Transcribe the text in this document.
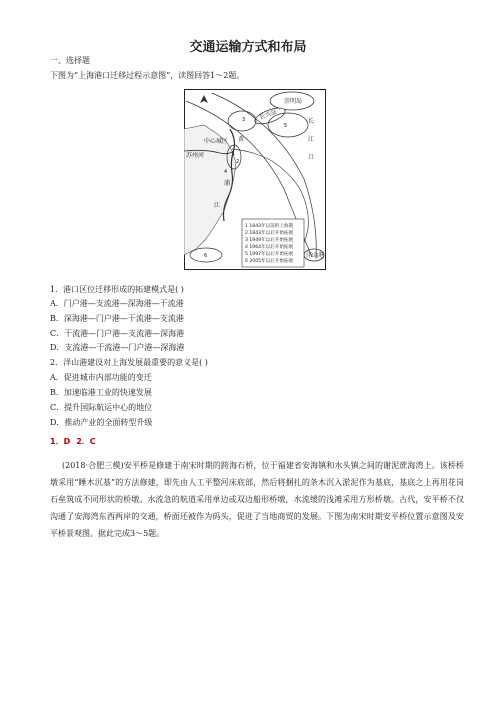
交通运输方式和布局
一、选择题
下图为“上海港口迁移过程示意图”，读图回答1～2题。
崇明岛
长兴岛
长
江
口
中心城区
苏州河
黄
浦
江
洋山港
1
2
3
4
5
6
1 1843年以前的上海港
2 1843年以后开始拓展
3 1949年以后开始拓展
4 1964年以后开始拓展
5 1997年以后开始拓展
6 2005年以后开始拓展
1．港口区位迁移形成的拓建模式是( )
A．门户港—支流港—深海港—干流港
B．深海港—门户港—干流港—支流港
C．干流港—门户港—支流港—深海港
D．支流港—干流港—门户港—深海港
2．洋山港建设对上海发展最重要的意义是( )
A．促进城市内部功能的变迁
B．加速临港工业的快速发展
C．提升国际航运中心的地位
D．推动产业的全面转型升级
1．D 2．C
(2018·合肥三模)安平桥是修建于南宋时期的跨海石桥，位于福建省安海镇和水头镇之间的谢泥蔗海湾上。该桥桥墩采用“睡木沉基”的方法修建，即先由人工平整河床底部，然后将捆扎的条木沉入淤泥作为基底，基底之上再用花岗石垒筑成不同形状的桥墩。水流急的航道采用单边或双边船形桥墩，水流缓的浅滩采用方形桥墩。古代，安平桥不仅沟通了安海湾东西两岸的交通，桥面还被作为码头，促进了当地商贸的发展。下图为南宋时期安平桥位置示意图及安平桥景观图。据此完成3～5题。
